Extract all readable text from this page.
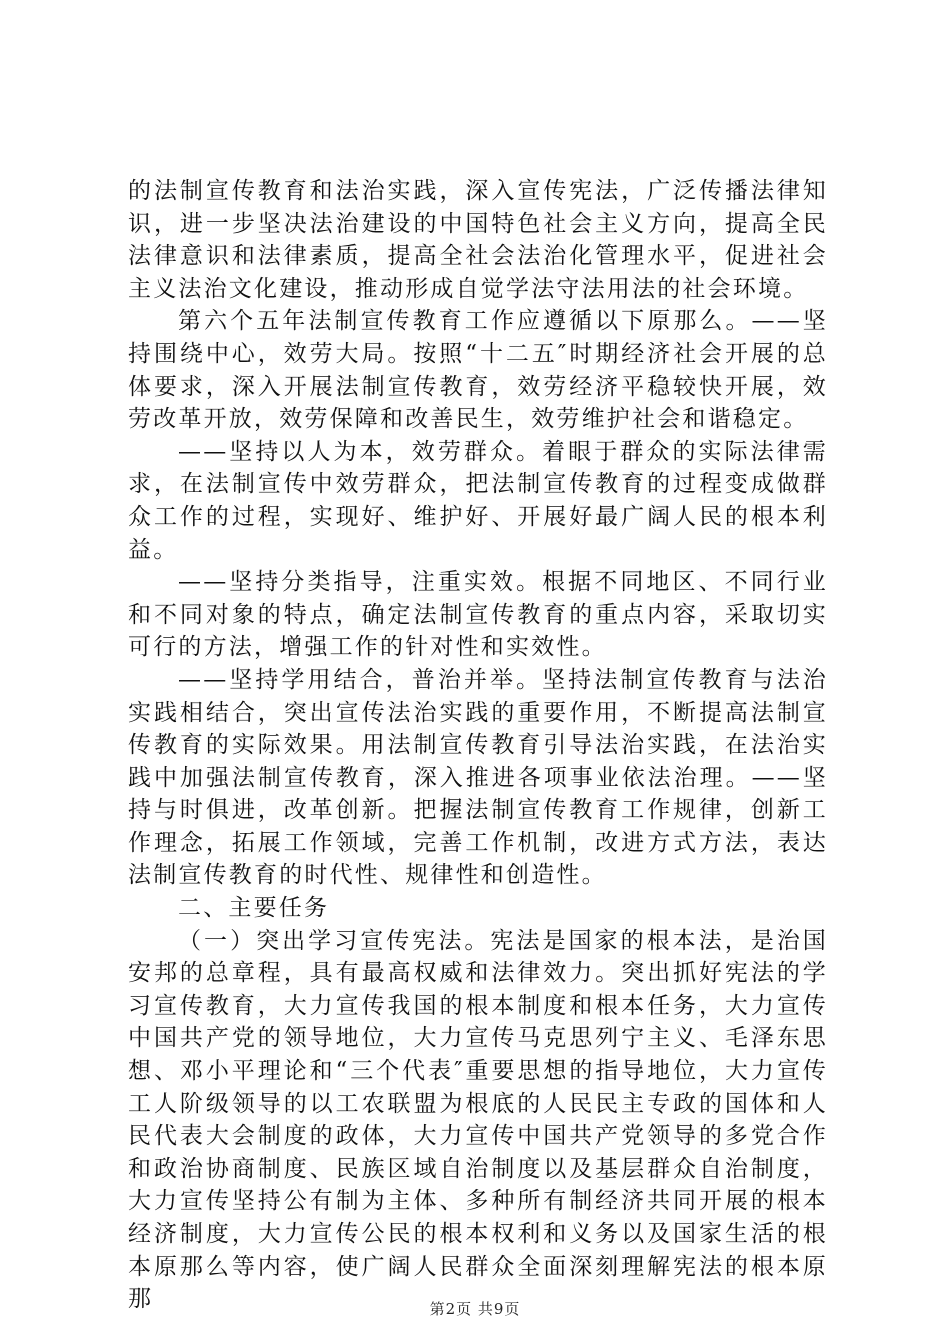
的法制宣传教育和法治实践，深入宣传宪法，广泛传播法律知识，进一步坚决法治建设的中国特色社会主义方向，提高全民法律意识和法律素质，提高全社会法治化管理水平，促进社会主义法治文化建设，推动形成自觉学法守法用法的社会环境。

第六个五年法制宣传教育工作应遵循以下原那么。——坚持围绕中心，效劳大局。按照“十二五″时期经济社会开展的总体要求，深入开展法制宣传教育，效劳经济平稳较快开展，效劳改革开放，效劳保障和改善民生，效劳维护社会和谐稳定。

——坚持以人为本，效劳群众。着眼于群众的实际法律需求，在法制宣传中效劳群众，把法制宣传教育的过程变成做群众工作的过程，实现好、维护好、开展好最广阔人民的根本利益。

——坚持分类指导，注重实效。根据不同地区、不同行业和不同对象的特点，确定法制宣传教育的重点内容，采取切实可行的方法，增强工作的针对性和实效性。

——坚持学用结合，普治并举。坚持法制宣传教育与法治实践相结合，突出宣传法治实践的重要作用，不断提高法制宣传教育的实际效果。用法制宣传教育引导法治实践，在法治实践中加强法制宣传教育，深入推进各项事业依法治理。——坚持与时俱进，改革创新。把握法制宣传教育工作规律，创新工作理念，拓展工作领域，完善工作机制，改进方式方法，表达法制宣传教育的时代性、规律性和创造性。

二、主要任务

（一）突出学习宣传宪法。宪法是国家的根本法，是治国安邦的总章程，具有最高权威和法律效力。突出抓好宪法的学习宣传教育，大力宣传我国的根本制度和根本任务，大力宣传中国共产党的领导地位，大力宣传马克思列宁主义、毛泽东思想、邓小平理论和“三个代表″重要思想的指导地位，大力宣传工人阶级领导的以工农联盟为根底的人民民主专政的国体和人民代表大会制度的政体，大力宣传中国共产党领导的多党合作和政治协商制度、民族区域自治制度以及基层群众自治制度，大力宣传坚持公有制为主体、多种所有制经济共同开展的根本经济制度，大力宣传公民的根本权利和义务以及国家生活的根本原那么等内容，使广阔人民群众全面深刻理解宪法的根本原那	第2页 共9页
